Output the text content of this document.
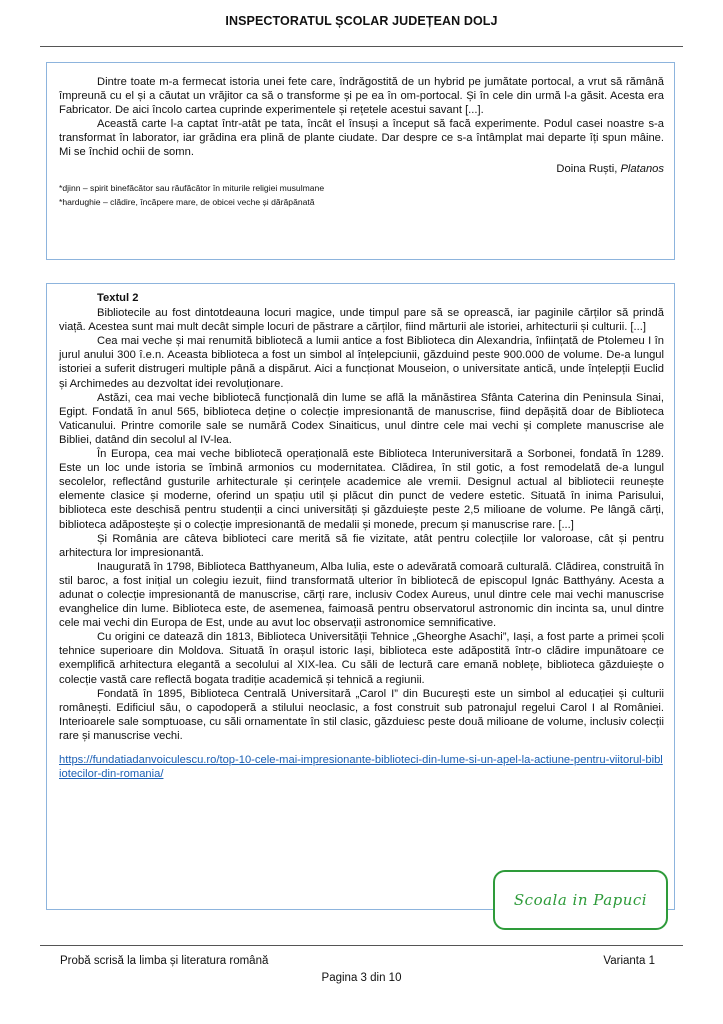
INSPECTORATUL ȘCOLAR JUDEȚEAN DOLJ

Dintre toate m-a fermecat istoria unei fete care, îndrăgostită de un hybrid pe jumătate portocal, a vrut să rămână împreună cu el și a căutat un vrăjitor ca să o transforme și pe ea în om-portocal. Și în cele din urmă l-a găsit. Acesta era Fabricator. De aici încolo cartea cuprinde experimentele și rețetele acestui savant [...].

Această carte l-a captat într-atât pe tata, încât el însuși a început să facă experimente. Podul casei noastre s-a transformat în laborator, iar grădina era plină de plante ciudate. Dar despre ce s-a întâmplat mai departe îți spun mâine. Mi se închid ochii de somn.

Doina Ruști, Platanos
*djinn – spirit binefăcător sau răufăcător în miturile religiei musulmane
*hardughie – clădire, încăpere mare, de obicei veche și dărăpănată
Textul 2

Bibliotecile au fost dintotdeauna locuri magice, unde timpul pare să se oprească, iar paginile cărților să prindă viață. Acestea sunt mai mult decât simple locuri de păstrare a cărților, fiind mărturii ale istoriei, arhitecturii și culturii. [...]

Cea mai veche și mai renumită bibliotecă a lumii antice a fost Biblioteca din Alexandria, înființată de Ptolemeu I în jurul anului 300 î.e.n. Aceasta biblioteca a fost un simbol al înțelepciunii, găzduind peste 900.000 de volume. De-a lungul istoriei a suferit distrugeri multiple până a dispărut. Aici a funcționat Mouseion, o universitate antică, unde înțelepții Euclid și Archimedes au dezvoltat idei revoluționare.

Astăzi, cea mai veche bibliotecă funcțională din lume se află la mănăstirea Sfânta Caterina din Peninsula Sinai, Egipt. Fondată în anul 565, biblioteca deține o colecție impresionantă de manuscrise, fiind depășită doar de Biblioteca Vaticanului. Printre comorile sale se numără Codex Sinaiticus, unul dintre cele mai vechi și complete manuscrise ale Bibliei, datând din secolul al IV-lea.

În Europa, cea mai veche bibliotecă operațională este Biblioteca Interuniversitară a Sorbonei, fondată în 1289. Este un loc unde istoria se îmbină armonios cu modernitatea. Clădirea, în stil gotic, a fost remodelată de-a lungul secolelor, reflectând gusturile arhitecturale și cerințele academice ale vremii. Designul actual al bibliotecii reunește elemente clasice și moderne, oferind un spațiu util și plăcut din punct de vedere estetic. Situată în inima Parisului, biblioteca este deschisă pentru studenții a cinci universități și găzduiește peste 2,5 milioane de volume. Pe lângă cărți, biblioteca adăpostește și o colecție impresionantă de medalii și monede, precum și manuscrise rare. [...]

Și România are câteva biblioteci care merită să fie vizitate, atât pentru colecțiile lor valoroase, cât și pentru arhitectura lor impresionantă.

Inaugurată în 1798, Biblioteca Batthyaneum, Alba Iulia, este o adevărată comoară culturală. Clădirea, construită în stil baroc, a fost inițial un colegiu iezuit, fiind transformată ulterior în bibliotecă de episcopul Ignác Batthyány. Acesta a adunat o colecție impresionantă de manuscrise, cărți rare, inclusiv Codex Aureus, unul dintre cele mai vechi manuscrise evanghelice din lume. Biblioteca este, de asemenea, faimoasă pentru observatorul astronomic din incinta sa, unul dintre cele mai vechi din Europa de Est, unde au avut loc observații astronomice semnificative.

Cu origini ce datează din 1813, Biblioteca Universității Tehnice „Gheorghe Asachi”, Iași, a fost parte a primei școli tehnice superioare din Moldova. Situată în orașul istoric Iași, biblioteca este adăpostită într-o clădire impunătoare ce exemplifică arhitectura elegantă a secolului al XIX-lea. Cu săli de lectură care emană noblețe, biblioteca găzduiește o colecție vastă care reflectă bogata tradiție academică și tehnică a regiunii.

Fondată în 1895, Biblioteca Centrală Universitară „Carol I” din București este un simbol al educației și culturii românești. Edificiul său, o capodoperă a stilului neoclasic, a fost construit sub patronajul regelui Carol I al României. Interioarele sale somptuoase, cu săli ornamentate în stil clasic, găzduiesc peste două milioane de volume, inclusiv colecții rare și manuscrise vechi.

https://fundatiadanvoiculescu.ro/top-10-cele-mai-impresionante-biblioteci-din-lume-si-un-apel-la-actiune-pentru-viitorul-bibliotecilor-din-romania/
Scoala in Papuci
Probă scrisă la limba și literatura română	Varianta 1
Pagina 3 din 10
